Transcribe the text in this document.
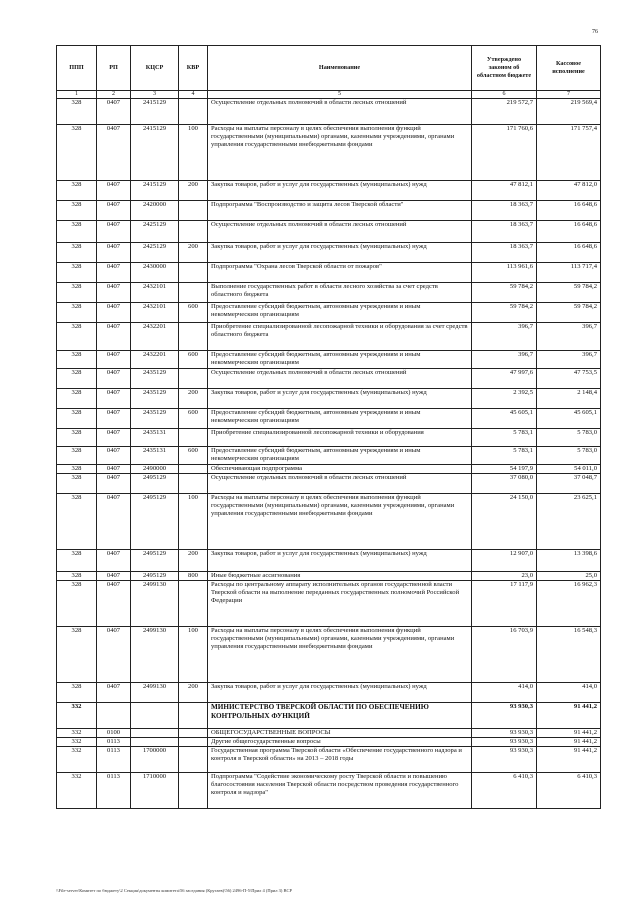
76
ППП	РП	КЦСР	КВР	Наименование	Утверждено законом об областном бюджете	Кассовое исполнение
1	2	3	4	5	6	7
328	0407	2415129		Осуществление отдельных полномочий в области лесных отношений	219 572,7	219 569,4
328	0407	2415129	100	Расходы на выплаты персоналу в целях обеспечения выполнения функций государственными (муниципальными) органами, казенными учреждениями, органами управления государственными внебюджетными фондами	171 760,6	171 757,4
328	0407	2415129	200	Закупка товаров, работ и услуг для государственных (муниципальных) нужд	47 812,1	47 812,0
328	0407	2420000		Подпрограмма "Воспроизводство и защита лесов Тверской области"	18 363,7	16 648,6
328	0407	2425129		Осуществление отдельных полномочий в области лесных отношений	18 363,7	16 648,6
328	0407	2425129	200	Закупка товаров, работ и услуг для государственных (муниципальных) нужд	18 363,7	16 648,6
328	0407	2430000		Подпрограмма "Охрана лесов Тверской области от пожаров"	113 961,6	113 717,4
328	0407	2432101		Выполнение государственных работ в области лесного хозяйства за счет средств областного бюджета	59 784,2	59 784,2
328	0407	2432101	600	Предоставление субсидий бюджетным, автономным учреждениям и иным некоммерческим организациям	59 784,2	59 784,2
328	0407	2432201		Приобретение специализированной лесопожарной техники и оборудования за счет средств областного бюджета	396,7	396,7
328	0407	2432201	600	Предоставление субсидий бюджетным, автономным учреждениям и иным некоммерческим организациям	396,7	396,7
328	0407	2435129		Осуществление отдельных полномочий в области лесных отношений	47 997,6	47 753,5
328	0407	2435129	200	Закупка товаров, работ и услуг для государственных (муниципальных) нужд	2 392,5	2 148,4
328	0407	2435129	600	Предоставление субсидий бюджетным, автономным учреждениям и иным некоммерческим организациям	45 605,1	45 605,1
328	0407	2435131		Приобретение специализированной лесопожарной техники и оборудования	5 783,1	5 783,0
328	0407	2435131	600	Предоставление субсидий бюджетным, автономным учреждениям и иным некоммерческим организациям	5 783,1	5 783,0
328	0407	2490000		Обеспечивающая подпрограмма	54 197,9	54 011,0
328	0407	2495129		Осуществление отдельных полномочий в области лесных отношений	37 080,0	37 048,7
328	0407	2495129	100	Расходы на выплаты персоналу в целях обеспечения выполнения функций государственными (муниципальными) органами, казенными учреждениями, органами управления государственными внебюджетными фондами	24 150,0	23 625,1
328	0407	2495129	200	Закупка товаров, работ и услуг для государственных (муниципальных) нужд	12 907,0	13 398,6
328	0407	2495129	800	Иные бюджетные ассигнования	23,0	25,0
328	0407	2499130		Расходы по центральному аппарату исполнительных органов государственной власти Тверской области на выполнение переданных государственных полномочий Российской Федерации	17 117,9	16 962,3
328	0407	2499130	100	Расходы на выплаты персоналу в целях обеспечения выполнения функций государственными (муниципальными) органами, казенными учреждениями, органами управления государственными внебюджетными фондами	16 703,9	16 548,3
328	0407	2499130	200	Закупка товаров, работ и услуг для государственных (муниципальных) нужд	414,0	414,0
332				МИНИСТЕРСТВО ТВЕРСКОЙ ОБЛАСТИ ПО ОБЕСПЕЧЕНИЮ КОНТРОЛЬНЫХ ФУНКЦИЙ	93 930,3	91 441,2
332	0100			ОБЩЕГОСУДАРСТВЕННЫЕ ВОПРОСЫ	93 930,3	91 441,2
332	0113			Другие общегосударственные вопросы	93 930,3	91 441,2
332	0113	1700000		Государственная программа Тверской области «Обеспечение государственного надзора и контроля в Тверской области» на 2013 – 2018 годы	93 930,3	91 441,2
332	0113	1710000		Подпрограмма "Содействие экономическому росту Тверской области и повышению благосостояния населения Тверской области посредством проведения государственного контроля и надзора"	6 410,3	6 410,3
\\File-server\Комитет по бюджету\2 Секция\документы комитета\56 заседания (Кругаев)\56) 2496-П-5\Прил 4 (Прил 3) ВСР
